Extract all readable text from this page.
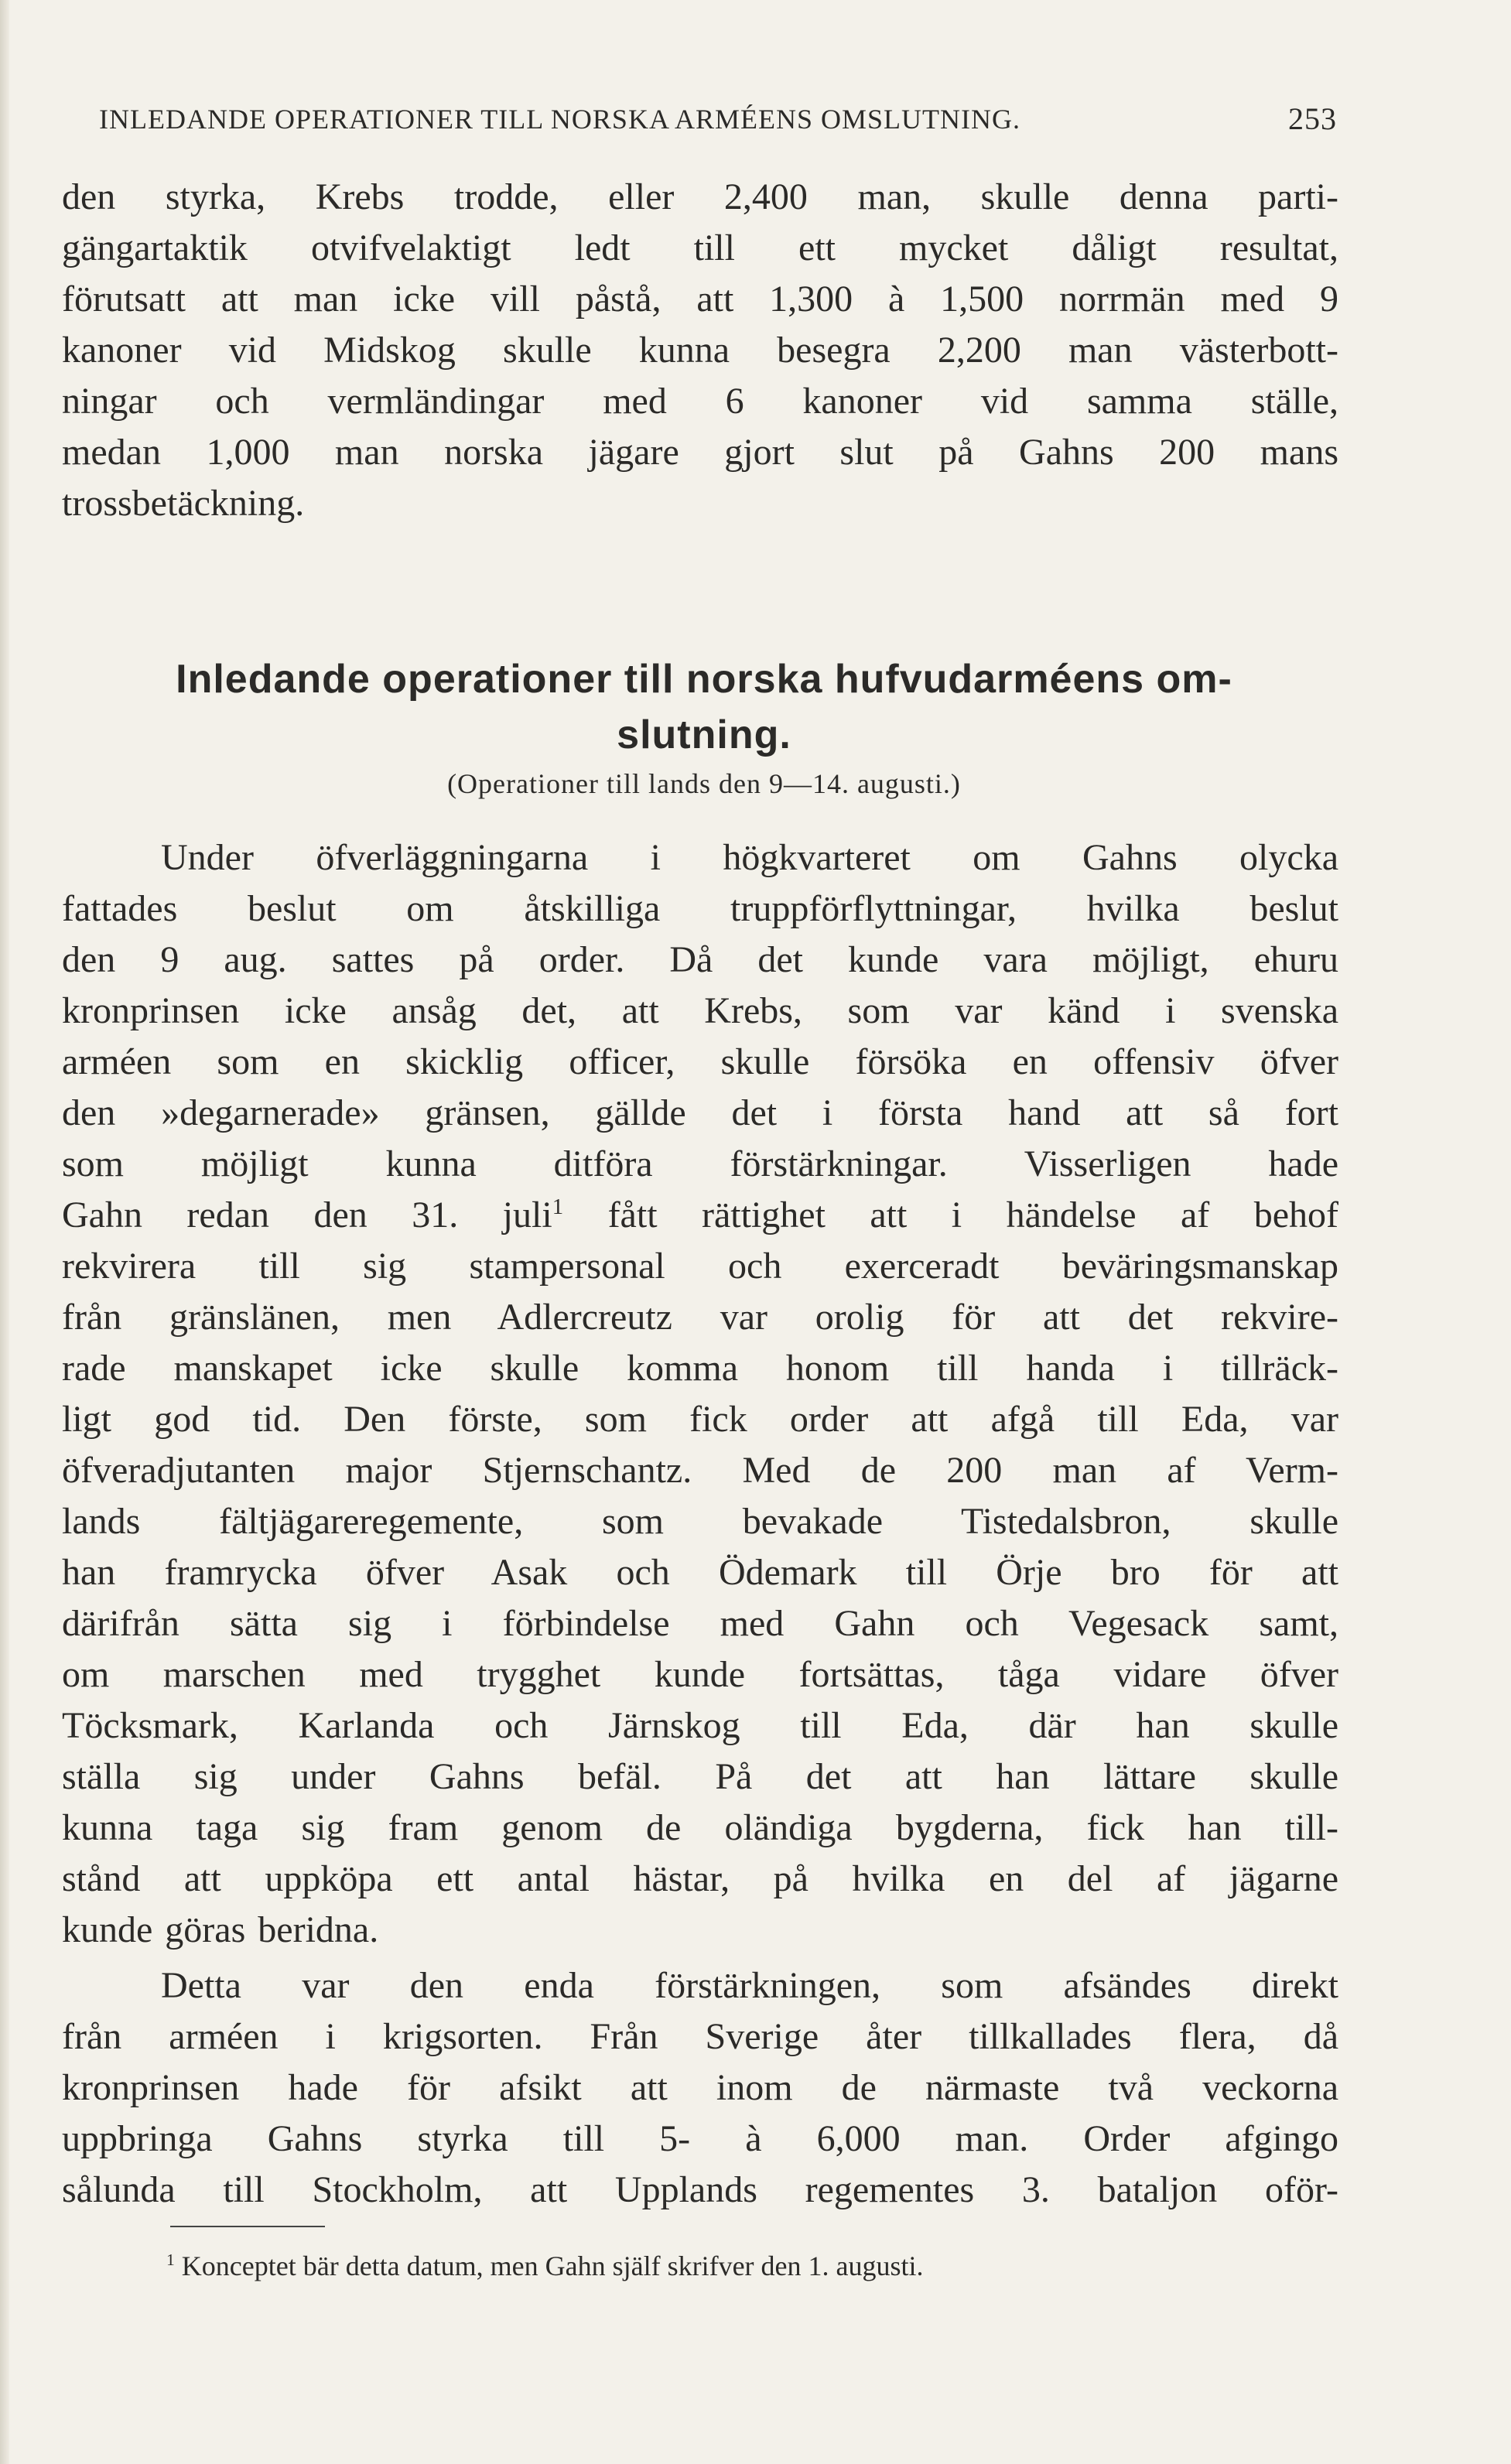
INLEDANDE OPERATIONER TILL NORSKA ARMÉENS OMSLUTNING.	253
den styrka, Krebs trodde, eller 2,400 man, skulle denna parti-
gängartaktik otvifvelaktigt ledt till ett mycket dåligt resultat,
förutsatt att man icke vill påstå, att 1,300 à 1,500 norrmän med 9
kanoner vid Midskog skulle kunna besegra 2,200 man västerbott-
ningar och vermländingar med 6 kanoner vid samma ställe,
medan 1,000 man norska jägare gjort slut på Gahns 200 mans
trossbetäckning.
Inledande operationer till norska hufvudarméens om-
slutning.

(Operationer till lands den 9—14. augusti.)

Under öfverläggningarna i högkvarteret om Gahns olycka
fattades beslut om åtskilliga truppförflyttningar, hvilka beslut
den 9 aug. sattes på order. Då det kunde vara möjligt, ehuru
kronprinsen icke ansåg det, att Krebs, som var känd i svenska
arméen som en skicklig officer, skulle försöka en offensiv öfver
den »degarnerade» gränsen, gällde det i första hand att så fort
som möjligt kunna ditföra förstärkningar. Visserligen hade
Gahn redan den 31. juli$^1$ fått rättighet att i händelse af behof
rekvirera till sig stampersonal och exerceradt beväringsmanskap
från gränslänen, men Adlercreutz var orolig för att det rekvire-
rade manskapet icke skulle komma honom till handa i tillräck-
ligt god tid. Den förste, som fick order att afgå till Eda, var
öfveradjutanten major Stjernschantz. Med de 200 man af Verm-
lands fältjägareregemente, som bevakade Tistedalsbron, skulle
han framrycka öfver Asak och Ödemark till Örje bro för att
därifrån sätta sig i förbindelse med Gahn och Vegesack samt,
om marschen med trygghet kunde fortsättas, tåga vidare öfver
Töcksmark, Karlanda och Järnskog till Eda, där han skulle
ställa sig under Gahns befäl. På det att han lättare skulle
kunna taga sig fram genom de oländiga bygderna, fick han till-
stånd att uppköpa ett antal hästar, på hvilka en del af jägarne
kunde göras beridna.
Detta var den enda förstärkningen, som afsändes direkt
från arméen i krigsorten. Från Sverige åter tillkallades flera, då
kronprinsen hade för afsikt att inom de närmaste två veckorna
uppbringa Gahns styrka till 5- à 6,000 man. Order afgingo
sålunda till Stockholm, att Upplands regementes 3. bataljon oför-

$^1$ Konceptet bär detta datum, men Gahn själf skrifver den 1. augusti.
